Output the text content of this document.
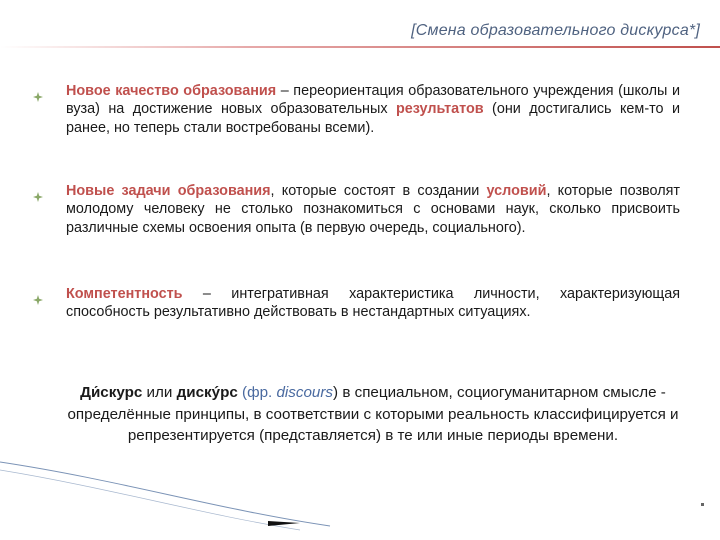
[Смена образовательного дискурса*]
Новое качество образования – переориентация образовательного учреждения (школы и вуза) на достижение новых образовательных результатов (они достигались кем-то и ранее, но теперь стали востребованы всеми).
Новые задачи образования, которые состоят в создании условий, которые позволят молодому человеку не столько познакомиться с основами наук, сколько присвоить различные схемы освоения опыта (в первую очередь, социального).
Компетентность – интегративная характеристика личности, характеризующая способность результативно действовать в нестандартных ситуациях.
Ди́скурс или дискýрс (фр. discours) в специальном, социогуманитарном смысле - определённые принципы, в соответствии с которыми реальность классифицируется и репрезентируется (представляется) в те или иные периоды времени.
